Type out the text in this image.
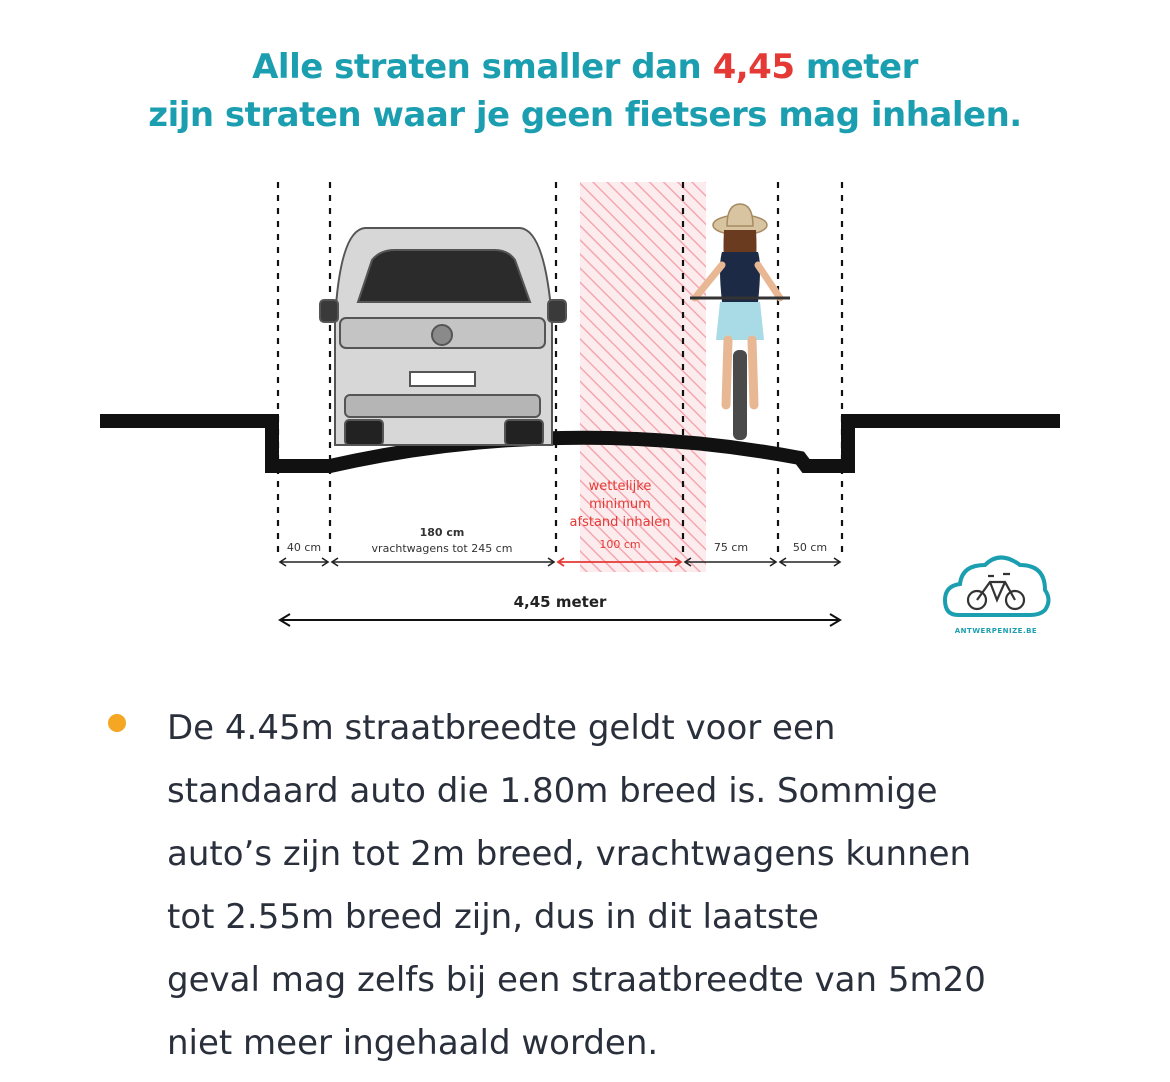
Alle straten smaller dan 4,45 meter
zijn straten waar je geen fietsers mag inhalen.
wettelijke
minimum
afstand inhalen
40 cm
180 cm
vrachtwagens tot 245 cm	100 cm	75 cm	50 cm
4,45 meter
ANTWERPENIZE.BE

De 4.45m straatbreedte geldt voor een
standaard auto die 1.80m breed is. Sommige
auto’s zijn tot 2m breed, vrachtwagens kunnen
tot 2.55m breed zijn, dus in dit laatste
geval mag zelfs bij een straatbreedte van 5m20
niet meer ingehaald worden.
